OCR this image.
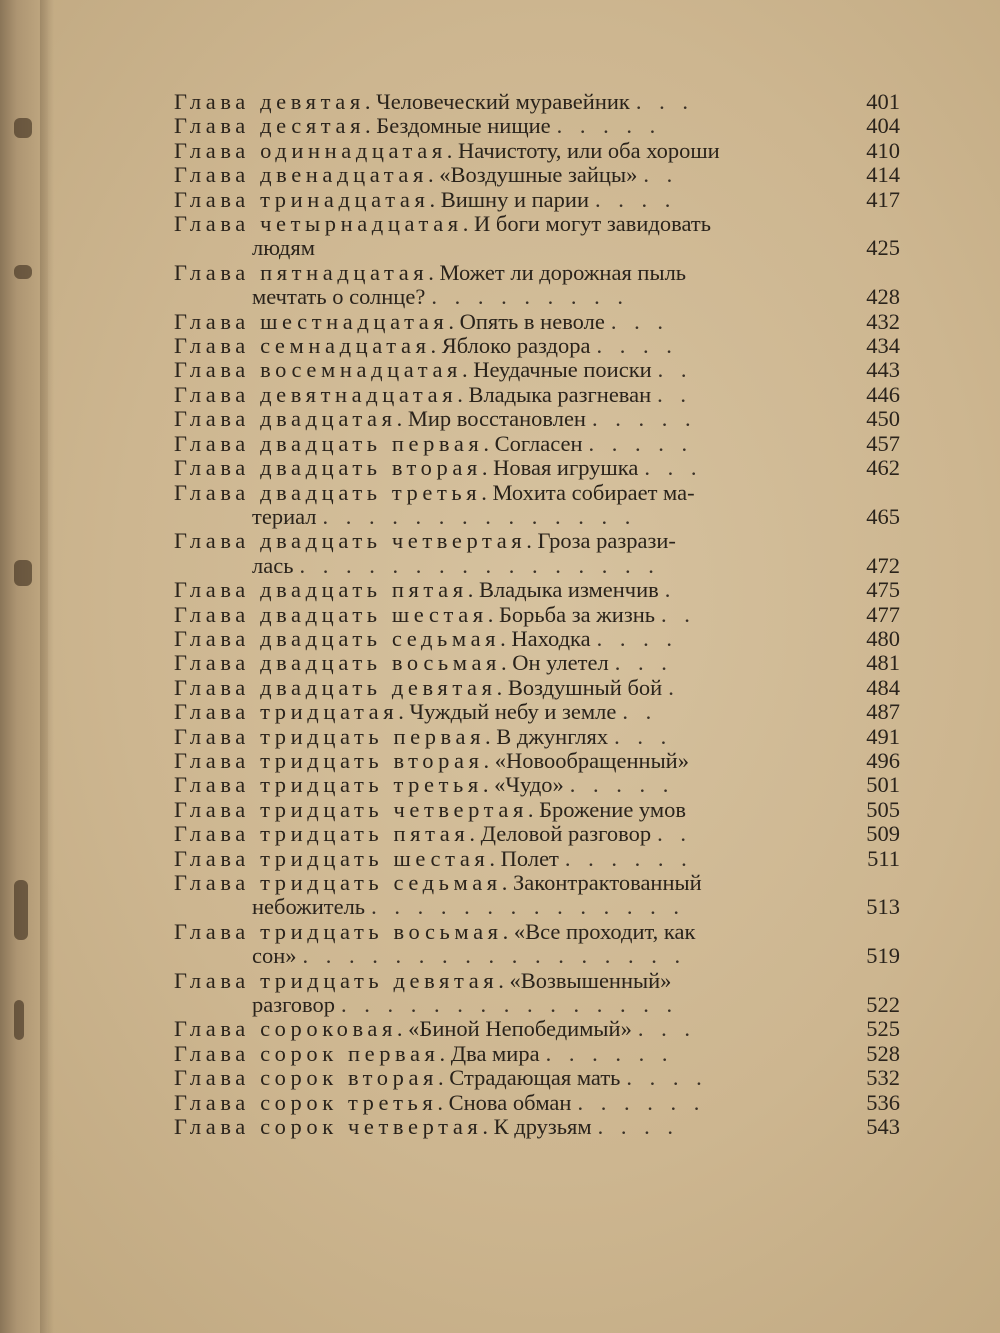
Глава девятая. Человеческий муравейник . . .	401
Глава десятая. Бездомные нищие . . . . .	404
Глава одиннадцатая. Начистоту, или оба хороши	410
Глава двенадцатая. «Воздушные зайцы» . .	414
Глава тринадцатая. Вишну и парии . . . .	417
Глава четырнадцатая. И боги могут завидовать
людям	425
Глава пятнадцатая. Может ли дорожная пыль
мечтать о солнце? . . . . . . . . .	428
Глава шестнадцатая. Опять в неволе . . .	432
Глава семнадцатая. Яблоко раздора . . . .	434
Глава восемнадцатая. Неудачные поиски . .	443
Глава девятнадцатая. Владыка разгневан . .	446
Глава двадцатая. Мир восстановлен . . . . .	450
Глава двадцать первая. Согласен . . . . .	457
Глава двадцать вторая. Новая игрушка . . .	462
Глава двадцать третья. Мохита собирает ма-
териал . . . . . . . . . . . . . .	465
Глава двадцать четвертая. Гроза разрази-
лась . . . . . . . . . . . . . . . .	472
Глава двадцать пятая. Владыка изменчив .	475
Глава двадцать шестая. Борьба за жизнь . .	477
Глава двадцать седьмая. Находка . . . .	480
Глава двадцать восьмая. Он улетел . . .	481
Глава двадцать девятая. Воздушный бой .	484
Глава тридцатая. Чуждый небу и земле . .	487
Глава тридцать первая. В джунглях . . .	491
Глава тридцать вторая. «Новообращенный»	496
Глава тридцать третья. «Чудо» . . . . .	501
Глава тридцать четвертая. Брожение умов	505
Глава тридцать пятая. Деловой разговор . .	509
Глава тридцать шестая. Полет . . . . . .	511
Глава тридцать седьмая. Законтрактованный
небожитель . . . . . . . . . . . . . .	513
Глава тридцать восьмая. «Все проходит, как
сон» . . . . . . . . . . . . . . . . .	519
Глава тридцать девятая. «Возвышенный»
разговор . . . . . . . . . . . . . . .	522
Глава сороковая. «Биной Непобедимый» . . .	525
Глава сорок первая. Два мира . . . . . .	528
Глава сорок вторая. Страдающая мать . . . .	532
Глава сорок третья. Снова обман . . . . . .	536
Глава сорок четвертая. К друзьям . . . .	543
